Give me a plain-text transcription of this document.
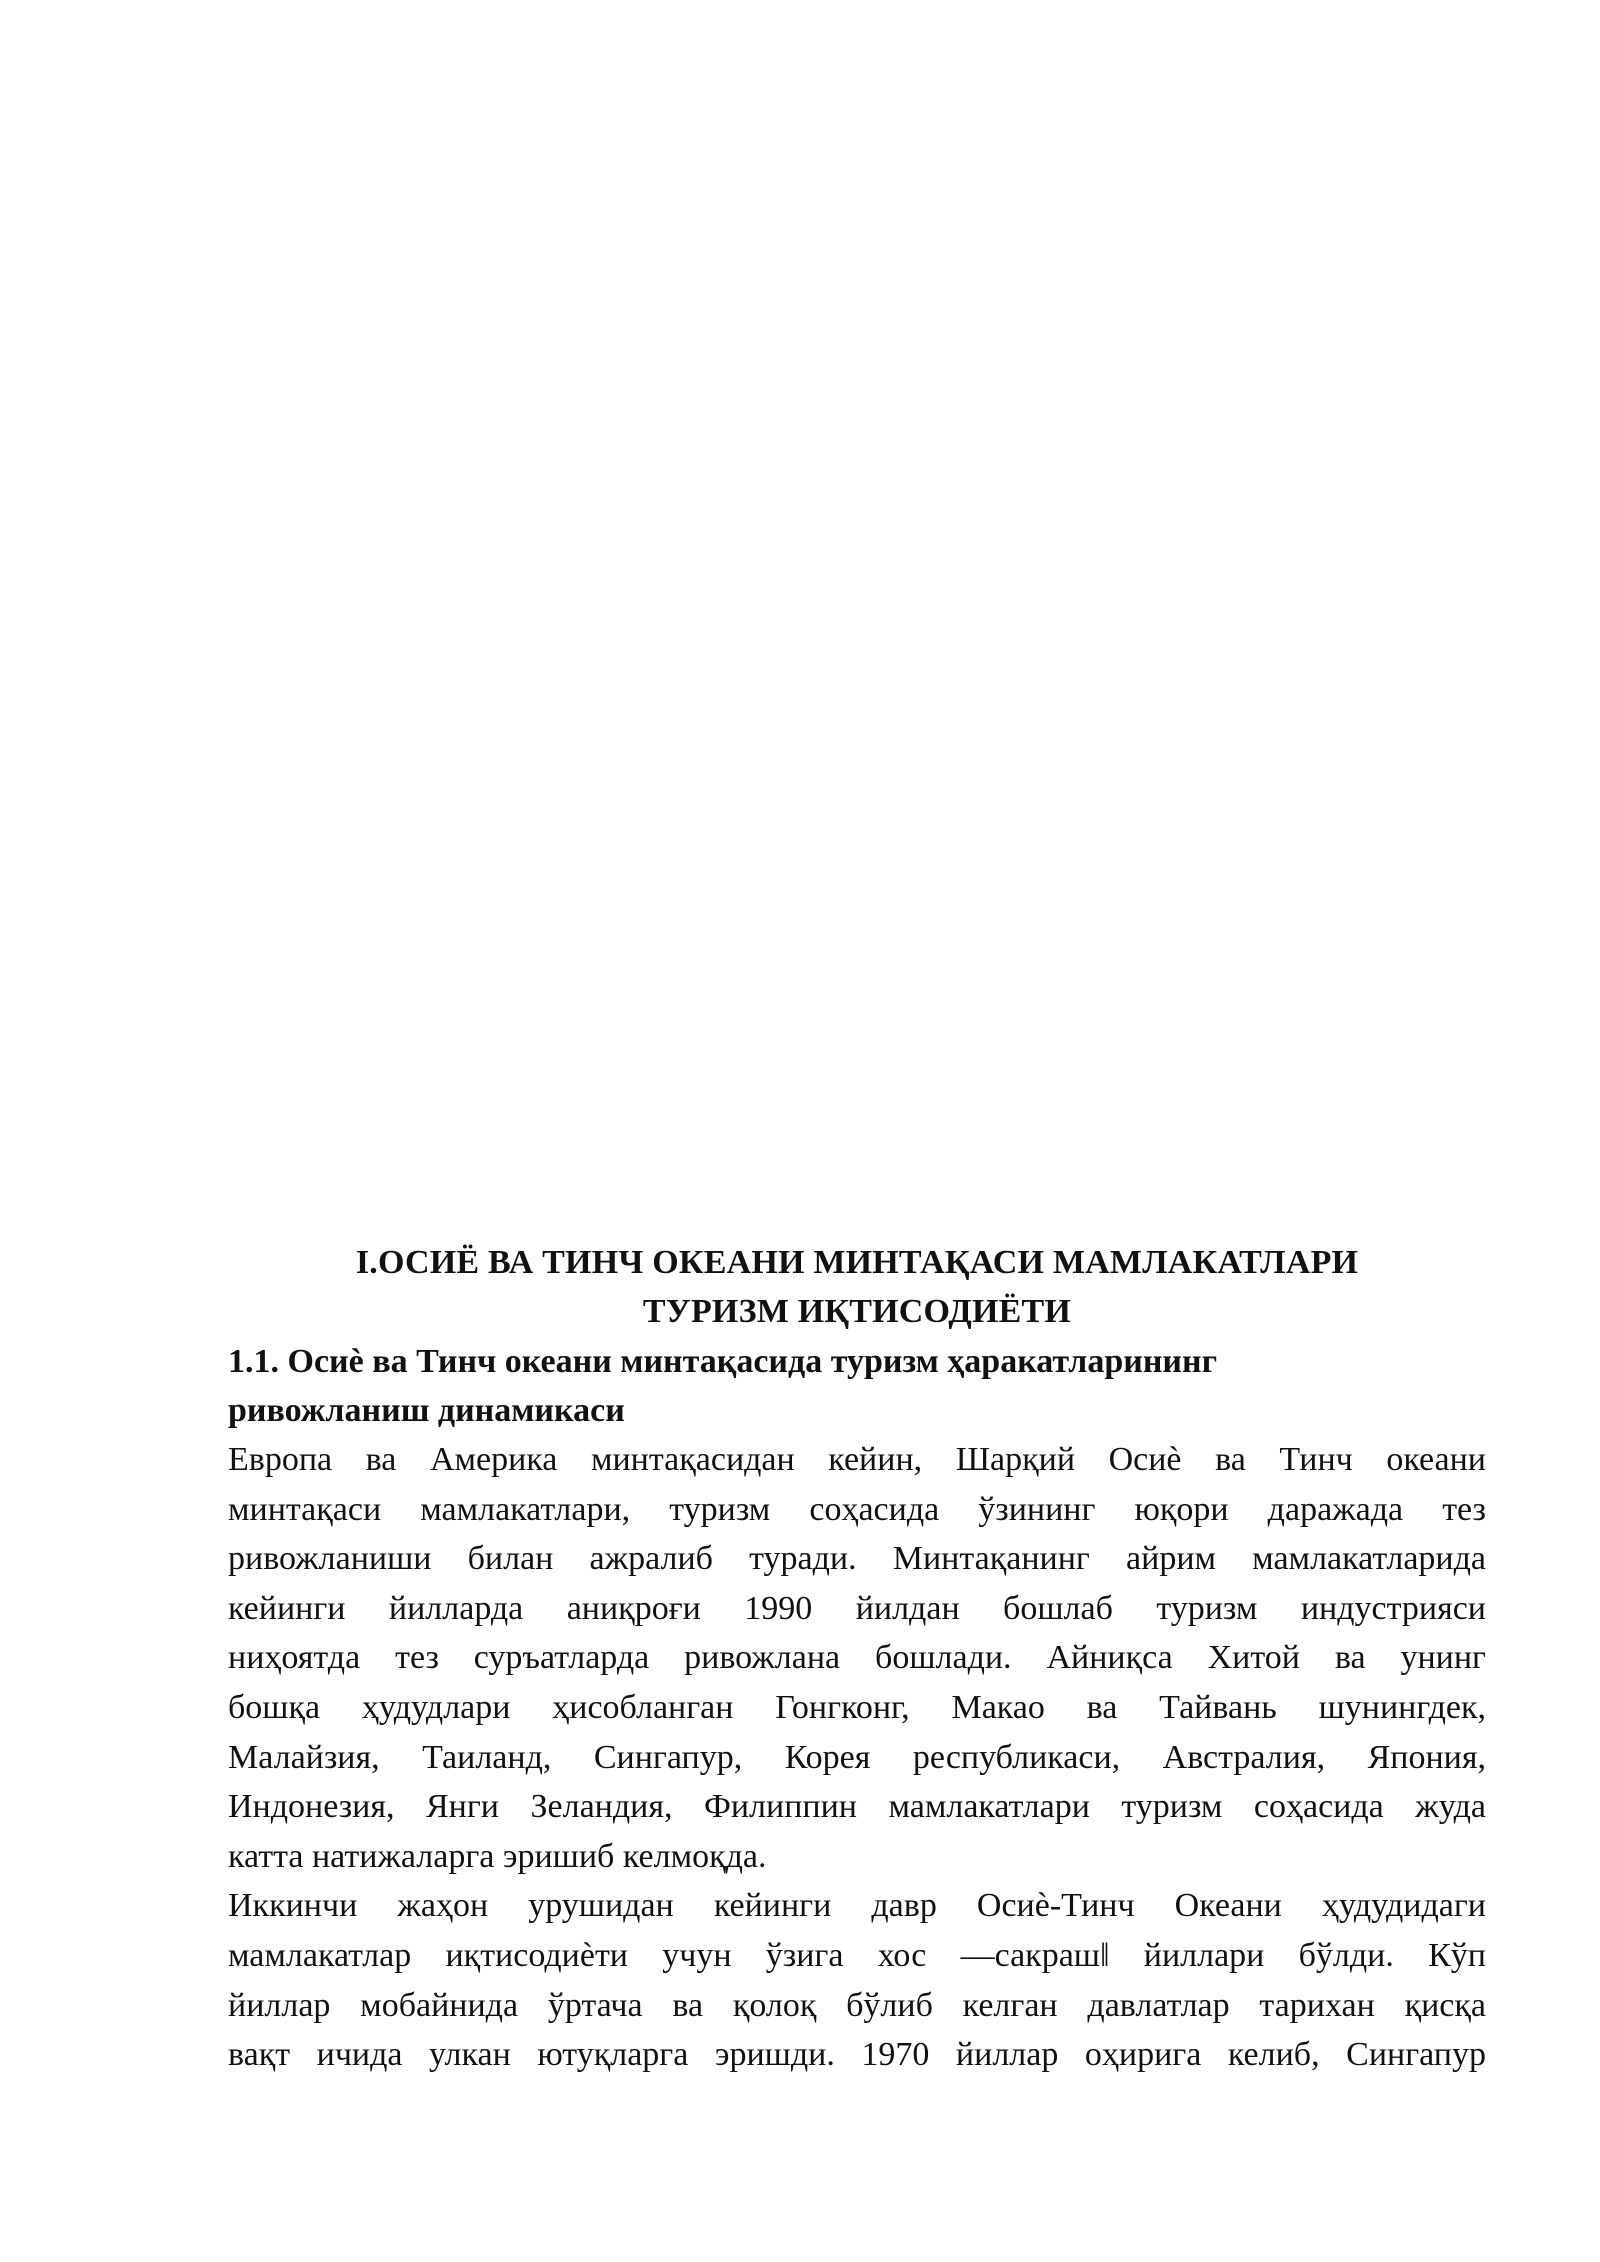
I.ОСИЁ ВА ТИНЧ ОКЕАНИ МИНТАҚАСИ МАМЛАКАТЛАРИ
ТУРИЗМ ИҚТИСОДИЁТИ
1.1. Осиѐ ва Тинч океани минтақасида туризм ҳаракатларининг
ривожланиш динамикаси

Европа ва Америка минтақасидан кейин, Шарқий Осиѐ ва Тинч океани
минтақаси мамлакатлари, туризм соҳасида ўзининг юқори даражада тез
ривожланиши билан ажралиб туради. Минтақанинг айрим мамлакатларида
кейинги йилларда аниқроғи 1990 йилдан бошлаб туризм индустрияси
ниҳоятда тез суръатларда ривожлана бошлади. Айниқса Хитой ва унинг
бошқа ҳудудлари ҳисобланган Гонгконг, Макао ва Тайвань шунингдек,
Малайзия, Таиланд, Сингапур, Корея республикаси, Австралия, Япония,
Индонезия, Янги Зеландия, Филиппин мамлакатлари туризм соҳасида жуда
катта натижаларга эришиб келмоқда.

Иккинчи жаҳон урушидан кейинги давр Осиѐ-Тинч Океани ҳудудидаги
мамлакатлар иқтисодиѐти учун ўзига хос ―сакраш‖ йиллари бўлди. Кўп
йиллар мобайнида ўртача ва қолоқ бўлиб келган давлатлар тарихан қисқа
вақт ичида улкан ютуқларга эришди. 1970 йиллар оҳирига келиб, Сингапур
